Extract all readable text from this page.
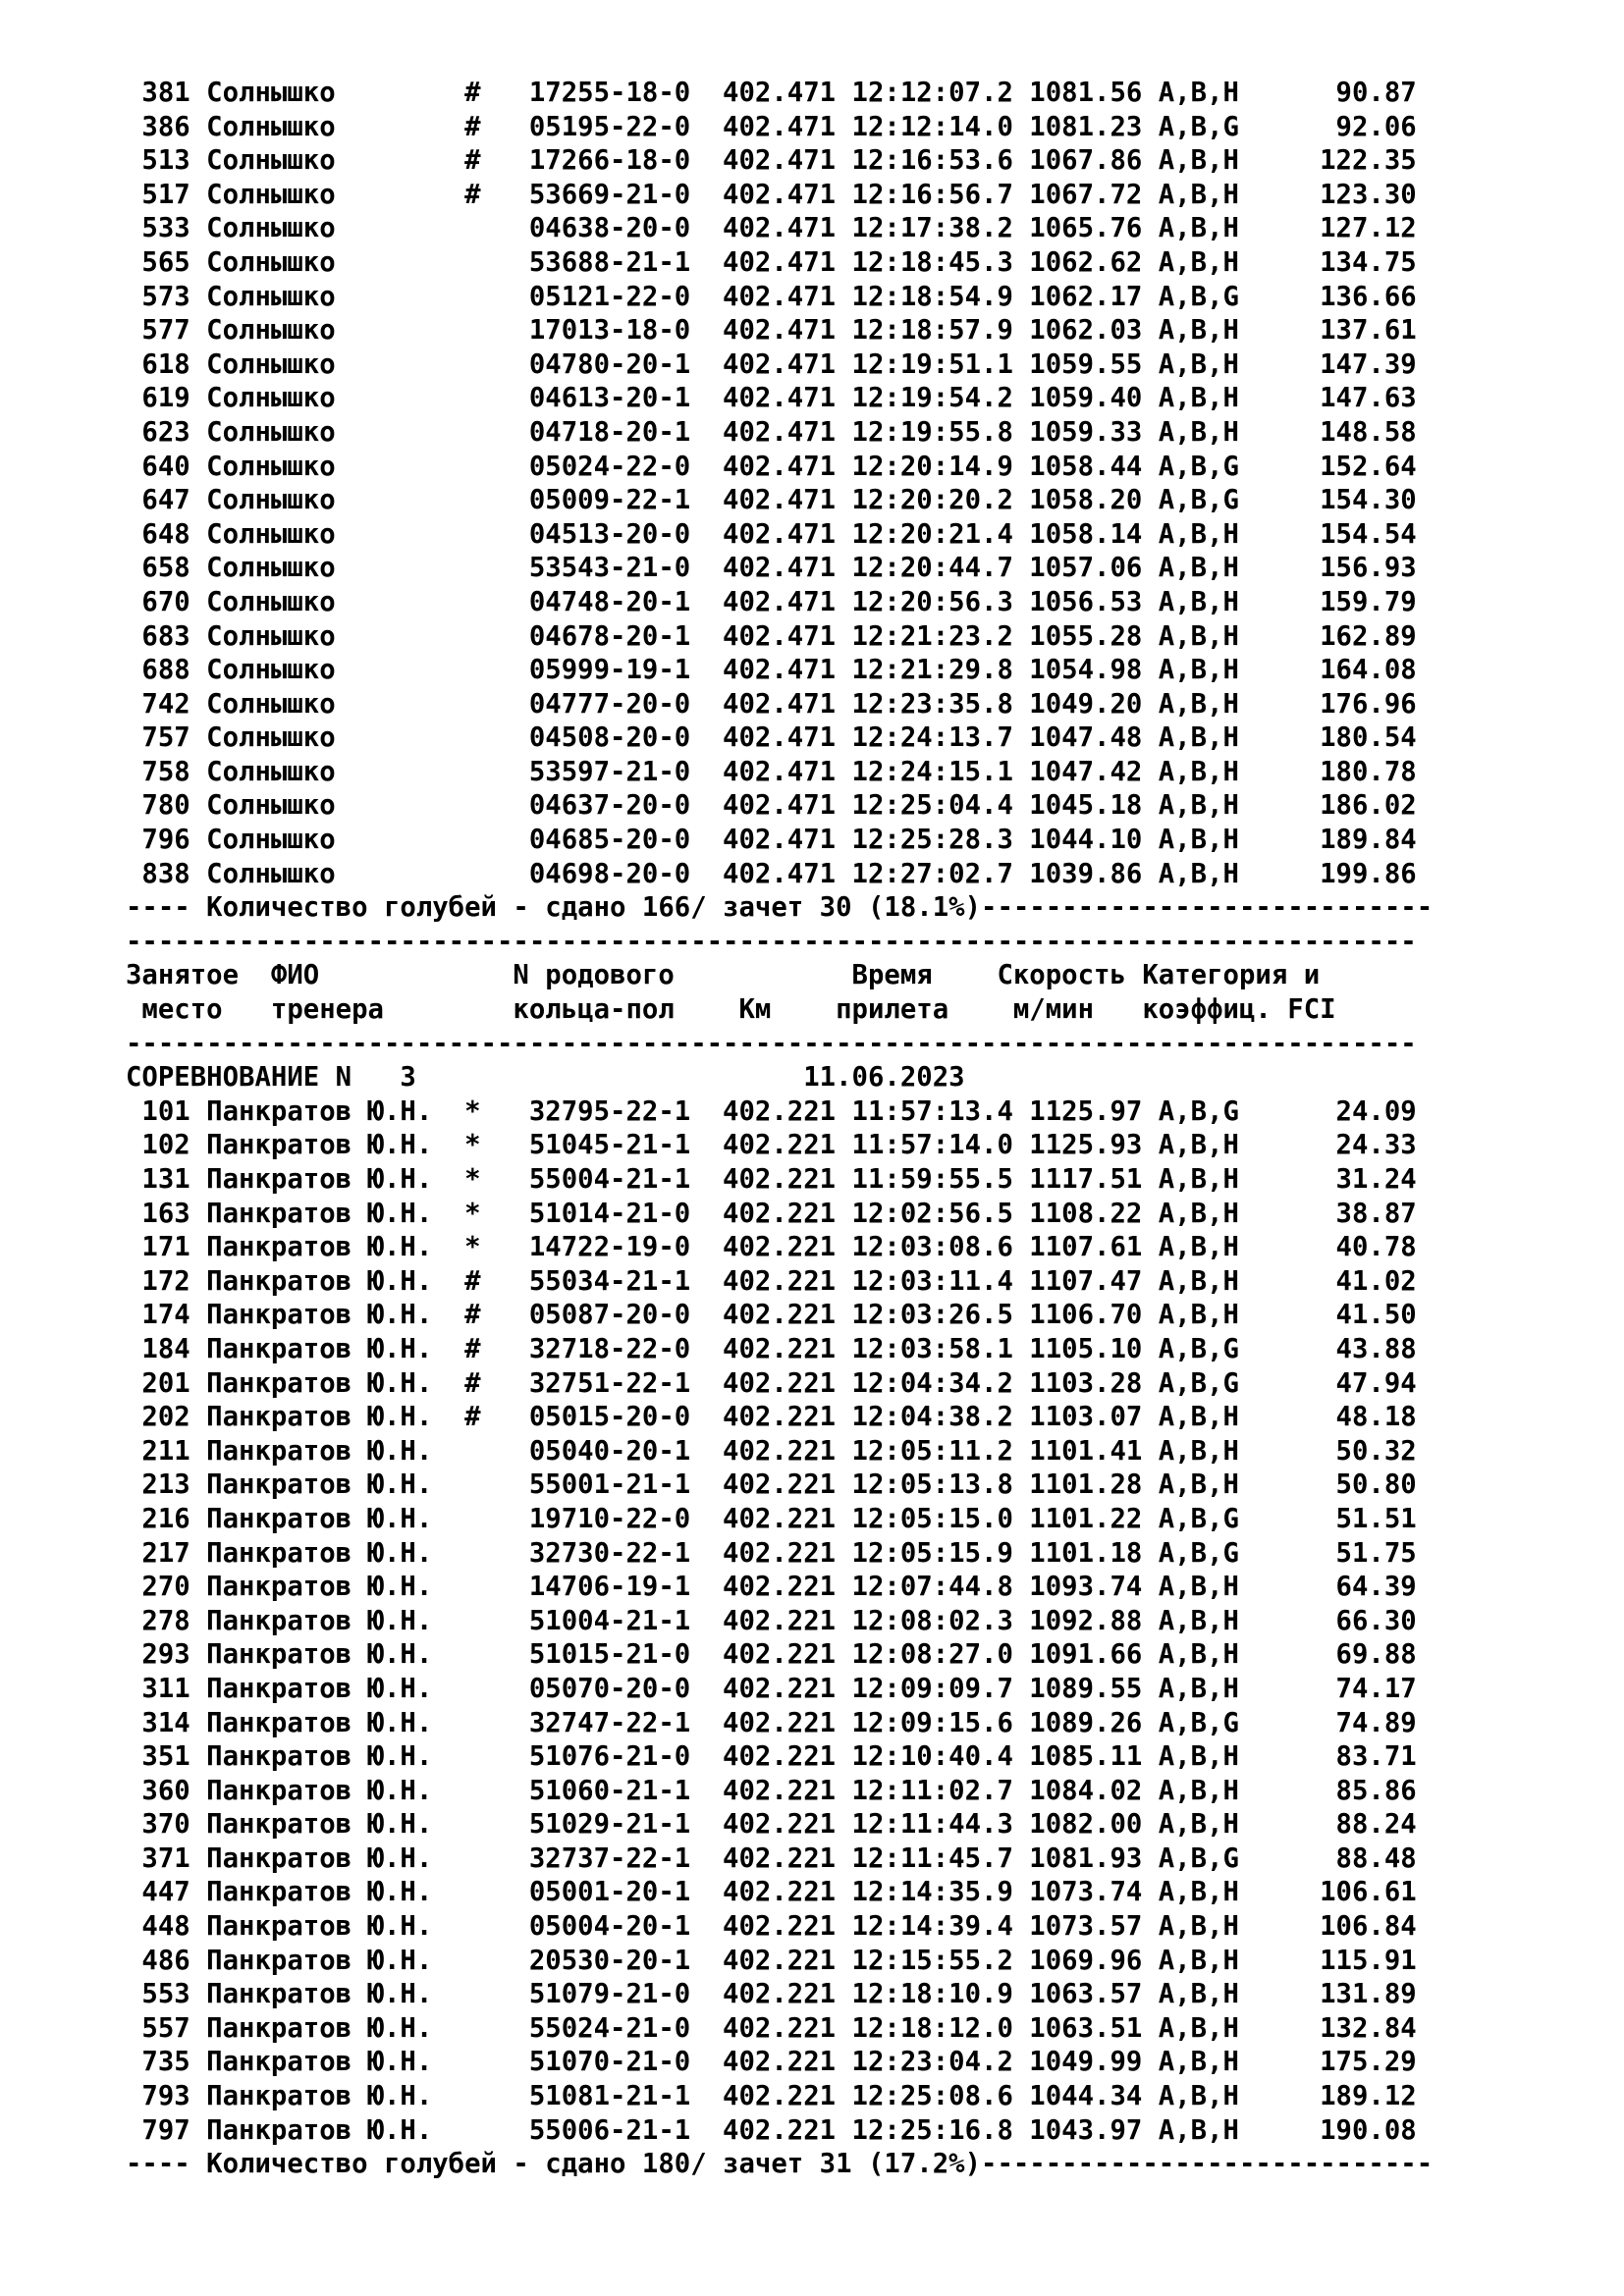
381 Солнышко        #   17255-18-0  402.471 12:12:07.2 1081.56 A,B,H      90.87
386 Солнышко        #   05195-22-0  402.471 12:12:14.0 1081.23 A,B,G      92.06
513 Солнышко        #   17266-18-0  402.471 12:16:53.6 1067.86 A,B,H     122.35
517 Солнышко        #   53669-21-0  402.471 12:16:56.7 1067.72 A,B,H     123.30
533 Солнышко            04638-20-0  402.471 12:17:38.2 1065.76 A,B,H     127.12
565 Солнышко            53688-21-1  402.471 12:18:45.3 1062.62 A,B,H     134.75
573 Солнышко            05121-22-0  402.471 12:18:54.9 1062.17 A,B,G     136.66
577 Солнышко            17013-18-0  402.471 12:18:57.9 1062.03 A,B,H     137.61
618 Солнышко            04780-20-1  402.471 12:19:51.1 1059.55 A,B,H     147.39
619 Солнышко            04613-20-1  402.471 12:19:54.2 1059.40 A,B,H     147.63
623 Солнышко            04718-20-1  402.471 12:19:55.8 1059.33 A,B,H     148.58
640 Солнышко            05024-22-0  402.471 12:20:14.9 1058.44 A,B,G     152.64
647 Солнышко            05009-22-1  402.471 12:20:20.2 1058.20 A,B,G     154.30
648 Солнышко            04513-20-0  402.471 12:20:21.4 1058.14 A,B,H     154.54
658 Солнышко            53543-21-0  402.471 12:20:44.7 1057.06 A,B,H     156.93
670 Солнышко            04748-20-1  402.471 12:20:56.3 1056.53 A,B,H     159.79
683 Солнышко            04678-20-1  402.471 12:21:23.2 1055.28 A,B,H     162.89
688 Солнышко            05999-19-1  402.471 12:21:29.8 1054.98 A,B,H     164.08
742 Солнышко            04777-20-0  402.471 12:23:35.8 1049.20 A,B,H     176.96
757 Солнышко            04508-20-0  402.471 12:24:13.7 1047.48 A,B,H     180.54
758 Солнышко            53597-21-0  402.471 12:24:15.1 1047.42 A,B,H     180.78
780 Солнышко            04637-20-0  402.471 12:25:04.4 1045.18 A,B,H     186.02
796 Солнышко            04685-20-0  402.471 12:25:28.3 1044.10 A,B,H     189.84
838 Солнышко            04698-20-0  402.471 12:27:02.7 1039.86 A,B,H     199.86
---- Количество голубей - сдано 166/ зачет 30 (18.1%)----------------------------
--------------------------------------------------------------------------------
Занятое  ФИО            N родового           Время    Скорость Категория и
место   тренера        кольца-пол    Км    прилета    м/мин   коэффиц. FCI
--------------------------------------------------------------------------------
СОРЕВНОВАНИЕ N   3                        11.06.2023
101 Панкратов Ю.Н.  *   32795-22-1  402.221 11:57:13.4 1125.97 A,B,G      24.09
102 Панкратов Ю.Н.  *   51045-21-1  402.221 11:57:14.0 1125.93 A,B,H      24.33
131 Панкратов Ю.Н.  *   55004-21-1  402.221 11:59:55.5 1117.51 A,B,H      31.24
163 Панкратов Ю.Н.  *   51014-21-0  402.221 12:02:56.5 1108.22 A,B,H      38.87
171 Панкратов Ю.Н.  *   14722-19-0  402.221 12:03:08.6 1107.61 A,B,H      40.78
172 Панкратов Ю.Н.  #   55034-21-1  402.221 12:03:11.4 1107.47 A,B,H      41.02
174 Панкратов Ю.Н.  #   05087-20-0  402.221 12:03:26.5 1106.70 A,B,H      41.50
184 Панкратов Ю.Н.  #   32718-22-0  402.221 12:03:58.1 1105.10 A,B,G      43.88
201 Панкратов Ю.Н.  #   32751-22-1  402.221 12:04:34.2 1103.28 A,B,G      47.94
202 Панкратов Ю.Н.  #   05015-20-0  402.221 12:04:38.2 1103.07 A,B,H      48.18
211 Панкратов Ю.Н.      05040-20-1  402.221 12:05:11.2 1101.41 A,B,H      50.32
213 Панкратов Ю.Н.      55001-21-1  402.221 12:05:13.8 1101.28 A,B,H      50.80
216 Панкратов Ю.Н.      19710-22-0  402.221 12:05:15.0 1101.22 A,B,G      51.51
217 Панкратов Ю.Н.      32730-22-1  402.221 12:05:15.9 1101.18 A,B,G      51.75
270 Панкратов Ю.Н.      14706-19-1  402.221 12:07:44.8 1093.74 A,B,H      64.39
278 Панкратов Ю.Н.      51004-21-1  402.221 12:08:02.3 1092.88 A,B,H      66.30
293 Панкратов Ю.Н.      51015-21-0  402.221 12:08:27.0 1091.66 A,B,H      69.88
311 Панкратов Ю.Н.      05070-20-0  402.221 12:09:09.7 1089.55 A,B,H      74.17
314 Панкратов Ю.Н.      32747-22-1  402.221 12:09:15.6 1089.26 A,B,G      74.89
351 Панкратов Ю.Н.      51076-21-0  402.221 12:10:40.4 1085.11 A,B,H      83.71
360 Панкратов Ю.Н.      51060-21-1  402.221 12:11:02.7 1084.02 A,B,H      85.86
370 Панкратов Ю.Н.      51029-21-1  402.221 12:11:44.3 1082.00 A,B,H      88.24
371 Панкратов Ю.Н.      32737-22-1  402.221 12:11:45.7 1081.93 A,B,G      88.48
447 Панкратов Ю.Н.      05001-20-1  402.221 12:14:35.9 1073.74 A,B,H     106.61
448 Панкратов Ю.Н.      05004-20-1  402.221 12:14:39.4 1073.57 A,B,H     106.84
486 Панкратов Ю.Н.      20530-20-1  402.221 12:15:55.2 1069.96 A,B,H     115.91
553 Панкратов Ю.Н.      51079-21-0  402.221 12:18:10.9 1063.57 A,B,H     131.89
557 Панкратов Ю.Н.      55024-21-0  402.221 12:18:12.0 1063.51 A,B,H     132.84
735 Панкратов Ю.Н.      51070-21-0  402.221 12:23:04.2 1049.99 A,B,H     175.29
793 Панкратов Ю.Н.      51081-21-1  402.221 12:25:08.6 1044.34 A,B,H     189.12
797 Панкратов Ю.Н.      55006-21-1  402.221 12:25:16.8 1043.97 A,B,H     190.08
---- Количество голубей - сдано 180/ зачет 31 (17.2%)----------------------------
